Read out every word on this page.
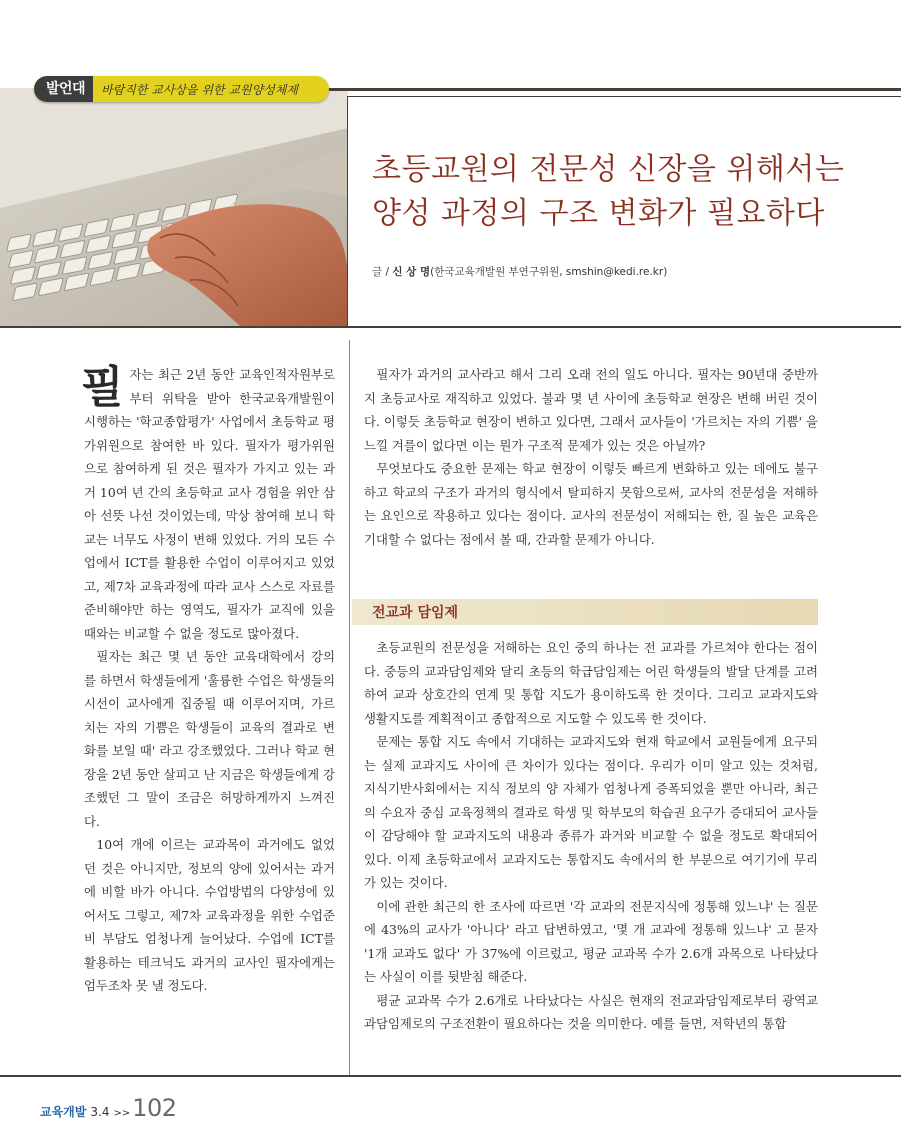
발언대	바람직한 교사상을 위한 교원양성체제
초등교원의 전문성 신장을 위해서는
양성 과정의 구조 변화가 필요하다
글 / 신 상 명(한국교육개발원 부연구위원, smshin@kedi.re.kr)

필자는 최근 2년 동안 교육인적자원부로부터 위탁을 받아 한국교육개발원이 시행하는 '학교종합평가' 사업에서 초등학교 평가위원으로 참여한 바 있다. 필자가 평가위원으로 참여하게 된 것은 필자가 가지고 있는 과거 10여 년 간의 초등학교 교사 경험을 위안 삼아 선뜻 나선 것이었는데, 막상 참여해 보니 학교는 너무도 사정이 변해 있었다. 거의 모든 수업에서 ICT를 활용한 수업이 이루어지고 있었고, 제7차 교육과정에 따라 교사 스스로 자료를 준비해야만 하는 영역도, 필자가 교직에 있을 때와는 비교할 수 없을 정도로 많아졌다.

필자는 최근 몇 년 동안 교육대학에서 강의를 하면서 학생들에게 '훌륭한 수업은 학생들의 시선이 교사에게 집중될 때 이루어지며, 가르치는 자의 기쁨은 학생들이 교육의 결과로 변화를 보일 때' 라고 강조했었다. 그러나 학교 현장을 2년 동안 살피고 난 지금은 학생들에게 강조했던 그 말이 조금은 허망하게까지 느껴진다.

10여 개에 이르는 교과목이 과거에도 없었던 것은 아니지만, 정보의 양에 있어서는 과거에 비할 바가 아니다. 수업방법의 다양성에 있어서도 그렇고, 제7차 교육과정을 위한 수업준비 부담도 엄청나게 늘어났다. 수업에 ICT를 활용하는 테크닉도 과거의 교사인 필자에게는 엄두조차 못 낼 정도다.

필자가 과거의 교사라고 해서 그리 오래 전의 일도 아니다. 필자는 90년대 중반까지 초등교사로 재직하고 있었다. 불과 몇 년 사이에 초등학교 현장은 변해 버린 것이다. 이렇듯 초등학교 현장이 변하고 있다면, 그래서 교사들이 '가르치는 자의 기쁨' 을 느낄 겨를이 없다면 이는 뭔가 구조적 문제가 있는 것은 아닐까?

무엇보다도 중요한 문제는 학교 현장이 이렇듯 빠르게 변화하고 있는 데에도 불구하고 학교의 구조가 과거의 형식에서 탈피하지 못함으로써, 교사의 전문성을 저해하는 요인으로 작용하고 있다는 점이다. 교사의 전문성이 저해되는 한, 질 높은 교육은 기대할 수 없다는 점에서 볼 때, 간과할 문제가 아니다.

전교과 담임제

초등교원의 전문성을 저해하는 요인 중의 하나는 전 교과를 가르쳐야 한다는 점이다. 중등의 교과담임제와 달리 초등의 학급담임제는 어린 학생들의 발달 단계를 고려하여 교과 상호간의 연계 및 통합 지도가 용이하도록 한 것이다. 그리고 교과지도와 생활지도를 계획적이고 종합적으로 지도할 수 있도록 한 것이다.

문제는 통합 지도 속에서 기대하는 교과지도와 현재 학교에서 교원들에게 요구되는 실제 교과지도 사이에 큰 차이가 있다는 점이다. 우리가 이미 알고 있는 것처럼, 지식기반사회에서는 지식 정보의 양 자체가 엄청나게 증폭되었을 뿐만 아니라, 최근의 수요자 중심 교육정책의 결과로 학생 및 학부모의 학습권 요구가 증대되어 교사들이 감당해야 할 교과지도의 내용과 종류가 과거와 비교할 수 없을 정도로 확대되어 있다. 이제 초등학교에서 교과지도는 통합지도 속에서의 한 부분으로 여기기에 무리가 있는 것이다.

이에 관한 최근의 한 조사에 따르면 '각 교과의 전문지식에 정통해 있느냐' 는 질문에 43%의 교사가 '아니다' 라고 답변하였고, '몇 개 교과에 정통해 있느냐' 고 묻자 '1개 교과도 없다' 가 37%에 이르렀고, 평균 교과목 수가 2.6개 과목으로 나타났다는 사실이 이를 뒷받침 해준다.

평균 교과목 수가 2.6개로 나타났다는 사실은 현재의 전교과담임제로부터 광역교과담임제로의 구조전환이 필요하다는 것을 의미한다. 예를 들면, 저학년의 통합

교육개발 3.4 >> 102
